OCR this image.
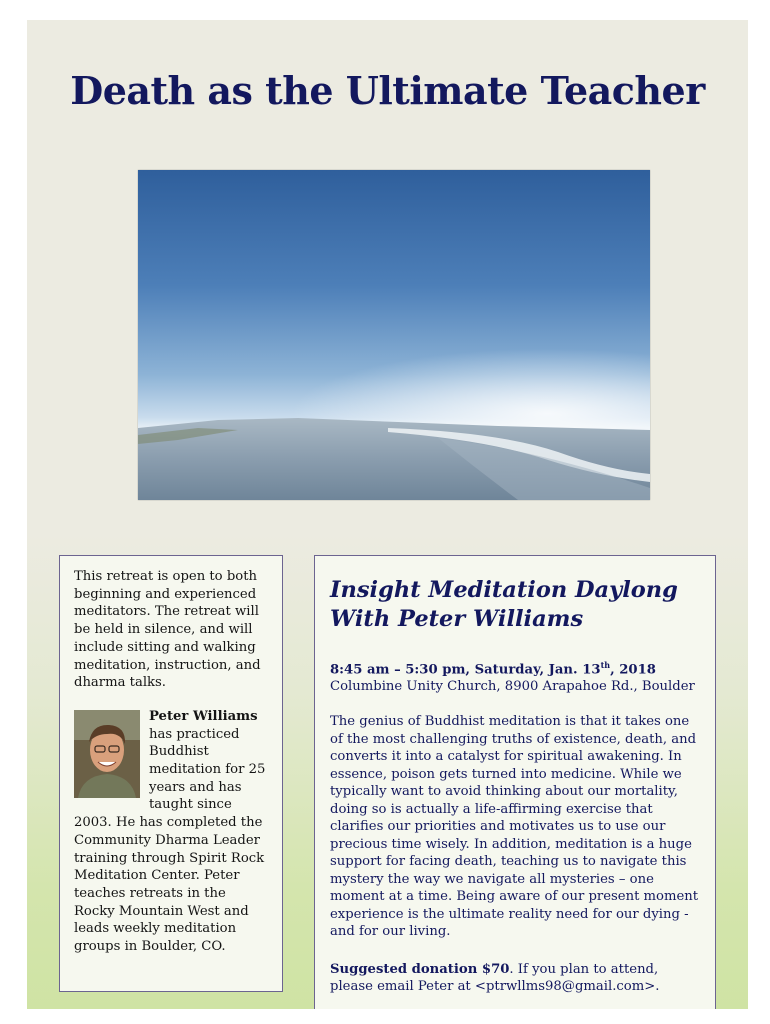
Death as the Ultimate Teacher

This retreat is open to both beginning and experienced meditators. The retreat will be held in silence, and will include sitting and walking meditation, instruction, and dharma talks.

Peter Williams has practiced Buddhist meditation for 25 years and has taught since 2003. He has completed the Community Dharma Leader training through Spirit Rock Meditation Center. Peter teaches retreats in the Rocky Mountain West and leads weekly meditation groups in Boulder, CO.
Insight Meditation Daylong
With Peter Williams
8:45 am – 5:30 pm, Saturday, Jan. 13th, 2018
Columbine Unity Church, 8900 Arapahoe Rd., Boulder
The genius of Buddhist meditation is that it takes one of the most challenging truths of existence, death, and converts it into a catalyst for spiritual awakening. In essence, poison gets turned into medicine. While we typically want to avoid thinking about our mortality, doing so is actually a life-affirming exercise that clarifies our priorities and motivates us to use our precious time wisely. In addition, meditation is a huge support for facing death, teaching us to navigate this mystery the way we navigate all mysteries – one moment at a time. Being aware of our present moment experience is the ultimate reality need for our dying - and for our living.
Suggested donation $70. If you plan to attend, please email Peter at <ptrwllms98@gmail.com>.
